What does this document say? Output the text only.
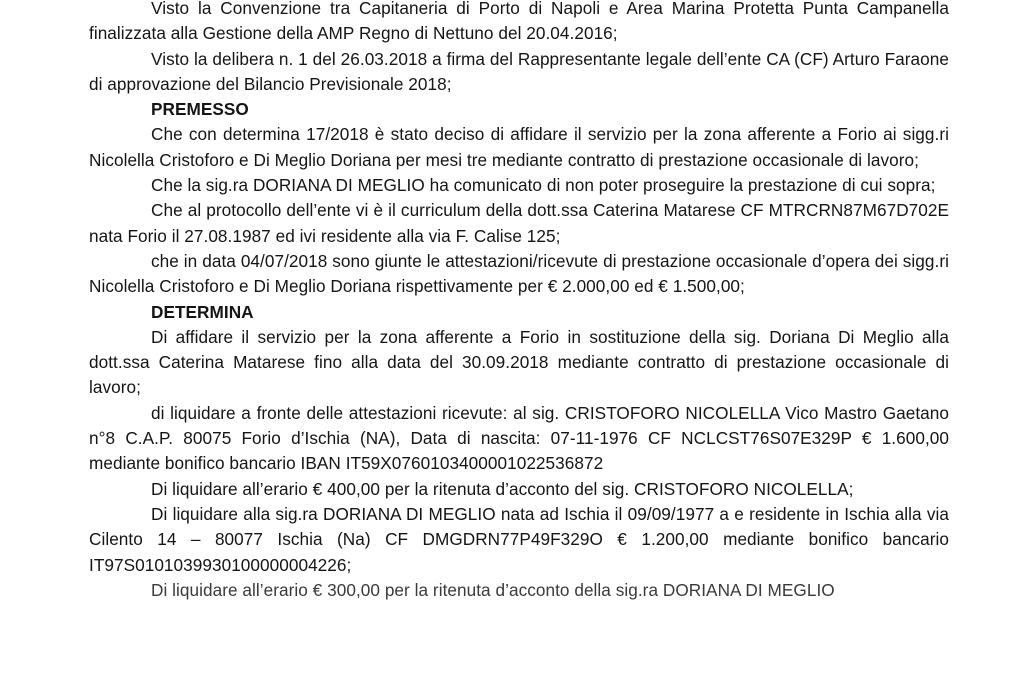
Visto la Convenzione tra Capitaneria di Porto di Napoli e Area Marina Protetta Punta Campanella finalizzata alla Gestione della AMP Regno di Nettuno del 20.04.2016;

Visto la delibera n. 1 del 26.03.2018 a firma del Rappresentante legale dell’ente CA (CF) Arturo Faraone di approvazione del Bilancio Previsionale 2018;

PREMESSO

Che con determina 17/2018 è stato deciso di affidare il servizio per la zona afferente a Forio ai sigg.ri Nicolella Cristoforo e Di Meglio Doriana per mesi tre mediante contratto di prestazione occasionale di lavoro;

Che la sig.ra DORIANA DI MEGLIO ha comunicato di non poter proseguire la prestazione di cui sopra;

Che al protocollo dell’ente vi è il curriculum della dott.ssa Caterina Matarese CF MTRCRN87M67D702E nata Forio il 27.08.1987 ed ivi residente alla via F. Calise 125;

che in data 04/07/2018 sono giunte le attestazioni/ricevute di prestazione occasionale d’opera dei sigg.ri Nicolella Cristoforo e Di Meglio Doriana rispettivamente per € 2.000,00 ed € 1.500,00;

DETERMINA

Di affidare il servizio per la zona afferente a Forio in sostituzione della sig. Doriana Di Meglio alla dott.ssa Caterina Matarese fino alla data del 30.09.2018 mediante contratto di prestazione occasionale di lavoro;

di liquidare a fronte delle attestazioni ricevute: al sig. CRISTOFORO NICOLELLA Vico Mastro Gaetano n°8 C.A.P. 80075 Forio d’Ischia (NA), Data di nascita: 07-11-1976 CF NCLCST76S07E329P € 1.600,00 mediante bonifico bancario IBAN IT59X0760103400001022536872

Di liquidare all’erario € 400,00 per la ritenuta d’acconto del sig. CRISTOFORO NICOLELLA;

Di liquidare alla sig.ra DORIANA DI MEGLIO nata ad Ischia il 09/09/1977 a e residente in Ischia alla via Cilento 14 – 80077 Ischia (Na) CF DMGDRN77P49F329O € 1.200,00 mediante bonifico bancario IT97S0101039930100000004226;

Di liquidare all’erario € 300,00 per la ritenuta d’acconto della sig.ra DORIANA DI MEGLIO
